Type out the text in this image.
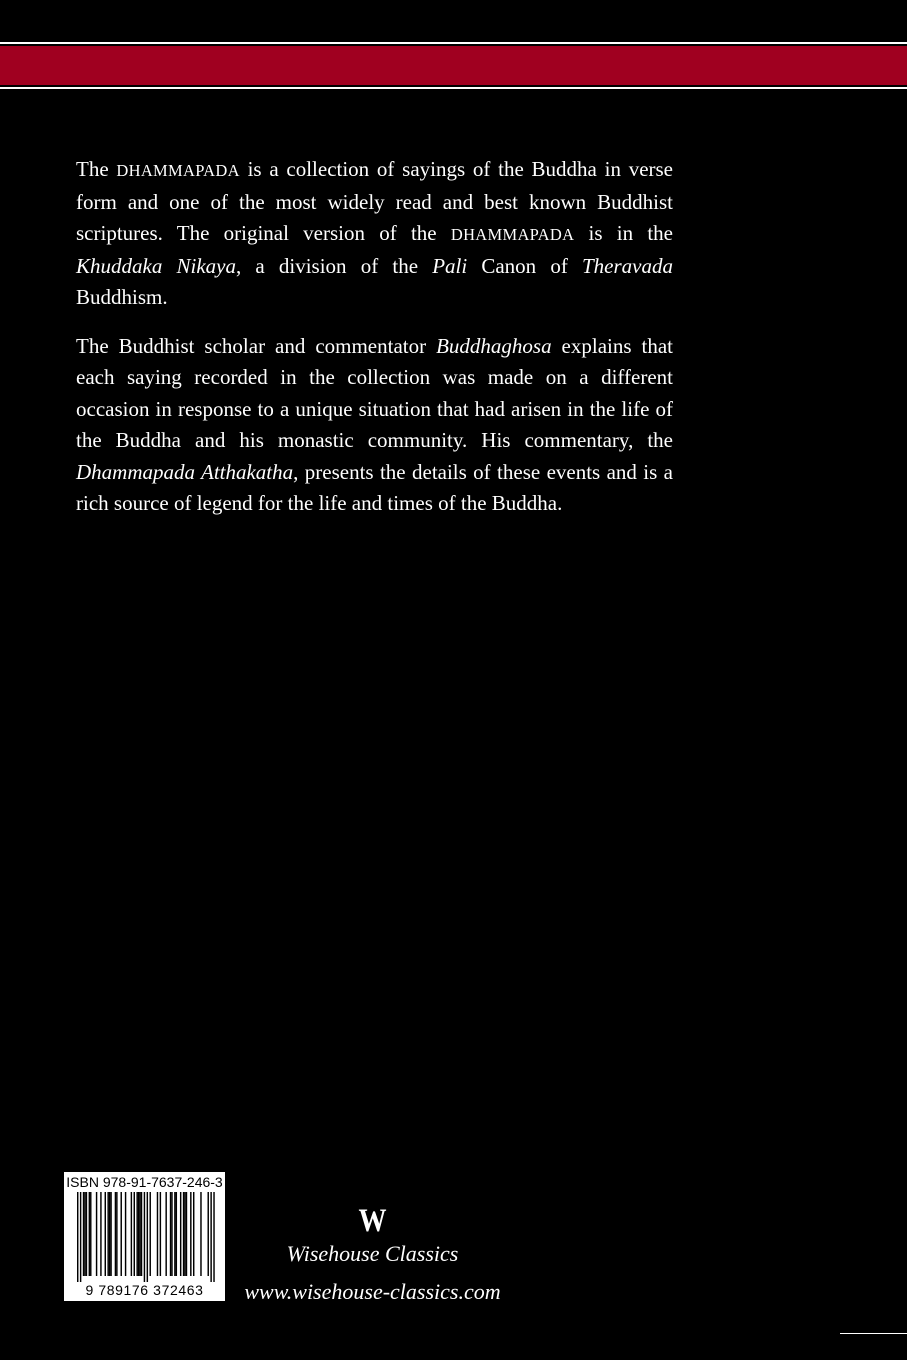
The DHAMMAPADA is a collection of sayings of the Buddha in verse form and one of the most widely read and best known Buddhist scriptures. The original version of the DHAMMAPADA is in the Khuddaka Nikaya, a division of the Pali Canon of Theravada Buddhism.

The Buddhist scholar and commentator Buddhaghosa explains that each saying recorded in the collection was made on a different occasion in response to a unique situation that had arisen in the life of the Buddha and his monastic community. His commentary, the Dhammapada Atthakatha, presents the details of these events and is a rich source of legend for the life and times of the Buddha.

ISBN 978-91-7637-246-3
9 789176 372463
W
Wisehouse Classics
www.wisehouse-classics.com
